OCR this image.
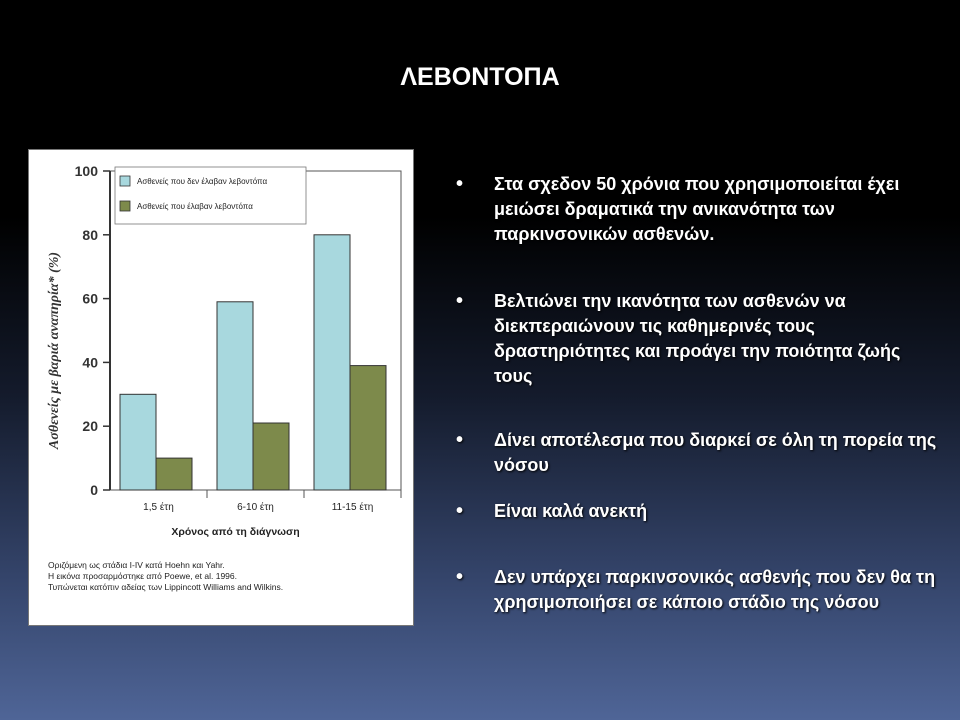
ΛΕΒΟΝΤΟΠΑ
0
20
40
60
80
100
1,5 έτη	6-10 έτη	11-15 έτη
Χρόνος από τη διάγνωση
Ασθενείς με βαριά αναπηρία* (%)
Ασθενείς που δεν έλαβαν λεβοντόπα
Ασθενείς που έλαβαν λεβοντόπα
Οριζόμενη ως στάδια I-IV κατά Hoehn και Yahr.
Η εικόνα προσαρμόστηκε από Poewe, et al. 1996.
Τυπώνεται κατόπιν αδείας των Lippincott Williams and Wilkins.
• Στα σχεδον 50 χρόνια που χρησιμοποιείται έχει μειώσει δραματικά την ανικανότητα των παρκινσονικών ασθενών.
• Βελτιώνει την ικανότητα των ασθενών να διεκπεραιώνουν τις καθημερινές τους δραστηριότητες και προάγει την ποιότητα ζωής τους
• Δίνει αποτέλεσμα που διαρκεί σε όλη τη πορεία της νόσου
• Είναι καλά ανεκτή
• Δεν υπάρχει παρκινσονικός ασθενής που δεν θα τη χρησιμοποιήσει σε κάποιο στάδιο της νόσου
